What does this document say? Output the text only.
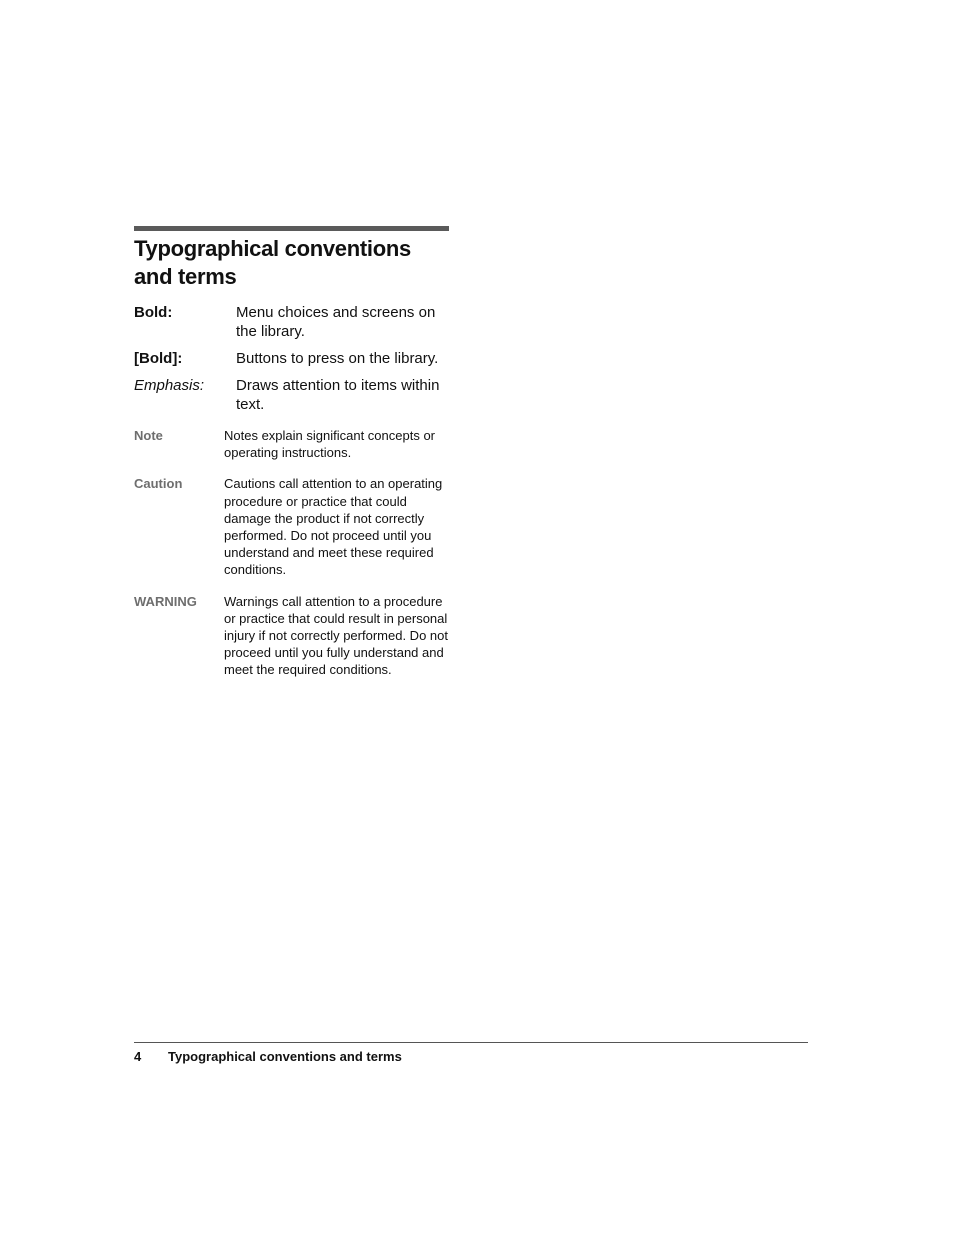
Typographical conventions and terms
Bold:	Menu choices and screens on the library.
[Bold]:	Buttons to press on the library.
Emphasis:	Draws attention to items within text.
Note	Notes explain significant concepts or operating instructions.
Caution	Cautions call attention to an operating procedure or practice that could damage the product if not correctly performed. Do not proceed until you understand and meet these required conditions.
WARNING	Warnings call attention to a procedure or practice that could result in personal injury if not correctly performed. Do not proceed until you fully understand and meet the required conditions.
4	Typographical conventions and terms
